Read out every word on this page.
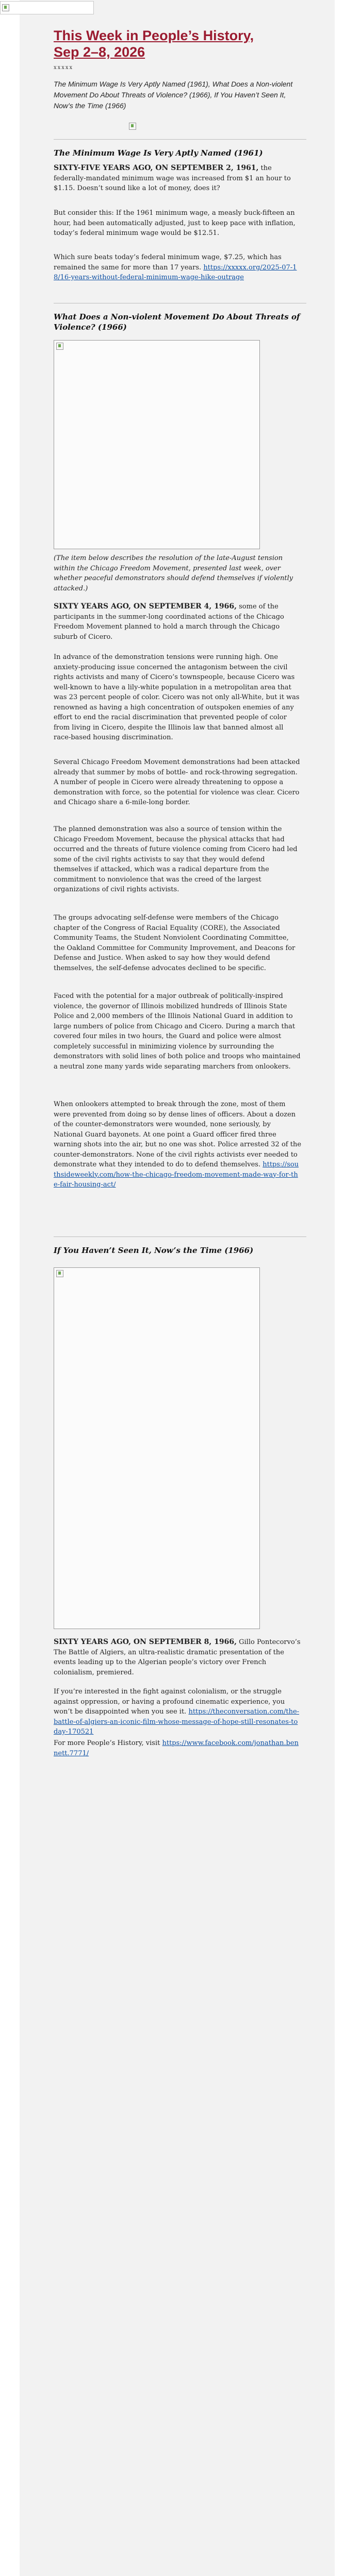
This Week in People’s History, Sep 2–8, 2026
xxxxx
The Minimum Wage Is Very Aptly Named (1961), What Does a Non-violent Movement Do About Threats of Violence? (1966), If You Haven’t Seen It, Now’s the Time (1966)
The Minimum Wage Is Very Aptly Named (1961)

SIXTY-FIVE YEARS AGO, ON SEPTEMBER 2, 1961, the federally-mandated minimum wage was increased from $1 an hour to $1.15. Doesn’t sound like a lot of money, does it?

But consider this: If the 1961 minimum wage, a measly buck-fifteen an hour, had been automatically adjusted, just to keep pace with inflation, today’s federal minimum wage would be $12.51.

Which sure beats today’s federal minimum wage, $7.25, which has remained the same for more than 17 years. https://xxxxx.org/2025-07-18/16-years-without-federal-minimum-wage-hike-outrage

What Does a Non-violent Movement Do About Threats of Violence? (1966)
(The item below describes the resolution of the late-August tension within the Chicago Freedom Movement, presented last week, over whether peaceful demonstrators should defend themselves if violently attacked.)

SIXTY YEARS AGO, ON SEPTEMBER 4, 1966, some of the participants in the summer-long coordinated actions of the Chicago Freedom Movement planned to hold a march through the Chicago suburb of Cicero.

In advance of the demonstration tensions were running high. One anxiety-producing issue concerned the antagonism between the civil rights activists and many of Cicero’s townspeople, because Cicero was well-known to have a lily-white population in a metropolitan area that was 23 percent people of color. Cicero was not only all-White, but it was renowned as having a high concentration of outspoken enemies of any effort to end the racial discrimination that prevented people of color from living in Cicero, despite the Illinois law that banned almost all race-based housing discrimination.

Several Chicago Freedom Movement demonstrations had been attacked already that summer by mobs of bottle- and rock-throwing segregation. A number of people in Cicero were already threatening to oppose a demonstration with force, so the potential for violence was clear. Cicero and Chicago share a 6-mile-long border.

The planned demonstration was also a source of tension within the Chicago Freedom Movement, because the physical attacks that had occurred and the threats of future violence coming from Cicero had led some of the civil rights activists to say that they would defend themselves if attacked, which was a radical departure from the commitment to nonviolence that was the creed of the largest organizations of civil rights activists.

The groups advocating self-defense were members of the Chicago chapter of the Congress of Racial Equality (CORE), the Associated Community Teams, the Student Nonviolent Coordinating Committee, the Oakland Committee for Community Improvement, and Deacons for Defense and Justice. When asked to say how they would defend themselves, the self-defense advocates declined to be specific.

Faced with the potential for a major outbreak of politically-inspired violence, the governor of Illinois mobilized hundreds of Illinois State Police and 2,000 members of the Illinois National Guard in addition to large numbers of police from Chicago and Cicero. During a march that covered four miles in two hours, the Guard and police were almost completely successful in minimizing violence by surrounding the demonstrators with solid lines of both police and troops who maintained a neutral zone many yards wide separating marchers from onlookers.

When onlookers attempted to break through the zone, most of them were prevented from doing so by dense lines of officers. About a dozen of the counter-demonstrators were wounded, none seriously, by National Guard bayonets. At one point a Guard officer fired three warning shots into the air, but no one was shot. Police arrested 32 of the counter-demonstrators. None of the civil rights activists ever needed to demonstrate what they intended to do to defend themselves. https://southsideweekly.com/how-the-chicago-freedom-movement-made-way-for-the-fair-housing-act/

If You Haven’t Seen It, Now’s the Time (1966)

SIXTY YEARS AGO, ON SEPTEMBER 8, 1966, Gillo Pontecorvo’s The Battle of Algiers, an ultra-realistic dramatic presentation of the events leading up to the Algerian people’s victory over French colonialism, premiered.

If you’re interested in the fight against colonialism, or the struggle against oppression, or having a profound cinematic experience, you won’t be disappointed when you see it. https://theconversation.com/the-battle-of-algiers-an-iconic-film-whose-message-of-hope-still-resonates-today-170521

For more People’s History, visit https://www.facebook.com/jonathan.bennett.7771/
